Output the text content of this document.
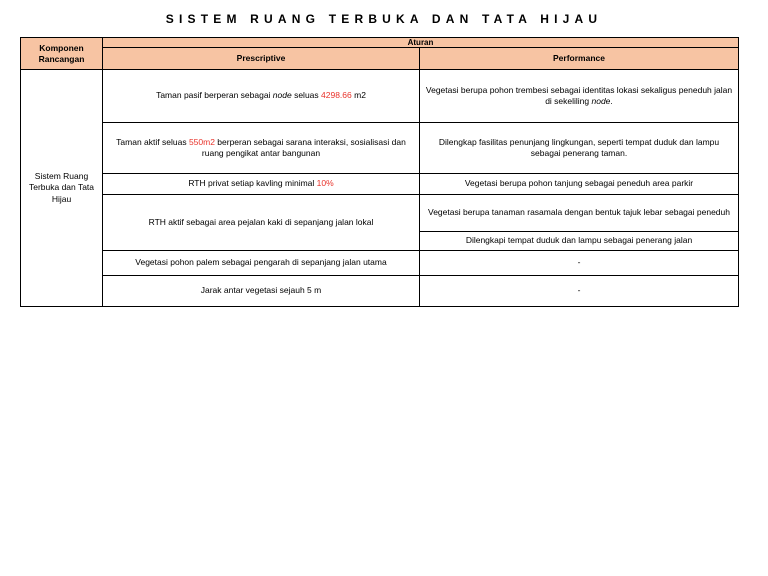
SISTEM RUANG TERBUKA DAN TATA HIJAU
Komponen Rancangan	Aturan	
	Prescriptive	Performance
Sistem Ruang Terbuka dan Tata Hijau	Taman pasif berperan sebagai node seluas 4298.66 m2	Vegetasi berupa pohon trembesi sebagai identitas lokasi sekaligus peneduh jalan di sekeliling node.
	Taman aktif seluas 550m2 berperan sebagai sarana interaksi, sosialisasi dan ruang pengikat antar bangunan	Dilengkap fasilitas penunjang lingkungan, seperti tempat duduk dan lampu sebagai penerang taman.
	RTH privat setiap kavling minimal 10%	Vegetasi berupa pohon tanjung sebagai peneduh area parkir
	RTH aktif sebagai area pejalan kaki di sepanjang jalan lokal	Vegetasi berupa tanaman rasamala dengan bentuk tajuk lebar sebagai peneduh
		Dilengkapi tempat duduk dan lampu sebagai penerang jalan
	Vegetasi pohon palem sebagai pengarah di sepanjang jalan utama	-
	Jarak antar vegetasi sejauh 5 m	-
